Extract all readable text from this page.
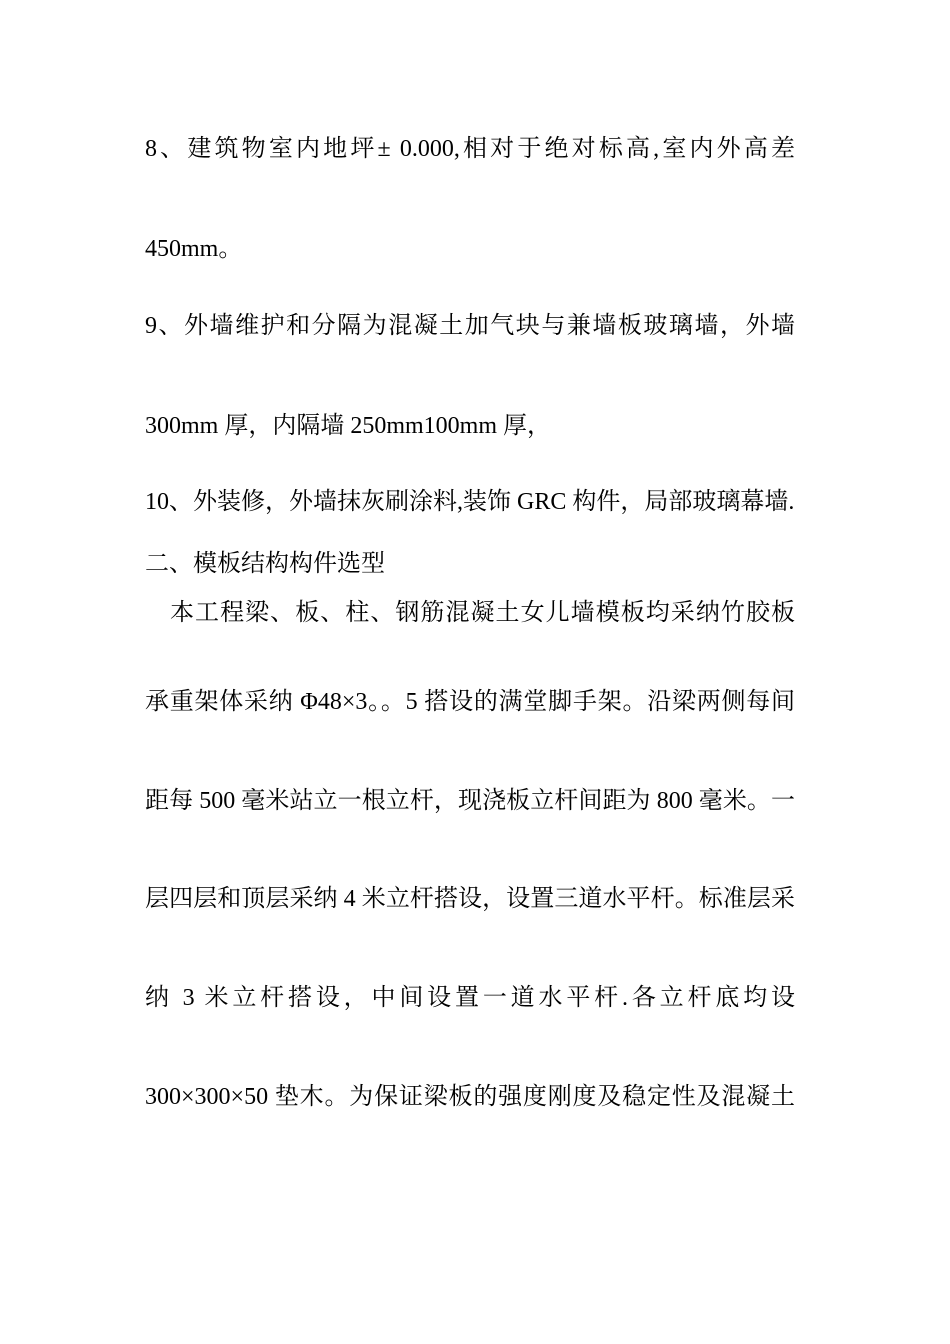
8、建筑物室内地坪± 0.000,相对于绝对标高,室内外高差
450mm。
9、外墙维护和分隔为混凝土加气块与兼墙板玻璃墙，外墙
300mm 厚，内隔墙 250mm100mm 厚，
10、外装修，外墙抹灰刷涂料,装饰 GRC 构件，局部玻璃幕墙.
二、模板结构构件选型
本工程梁、板、柱、钢筋混凝土女儿墙模板均采纳竹胶板
承重架体采纳 Φ48×3。。5 搭设的满堂脚手架。沿梁两侧每间
距每 500 毫米站立一根立杆，现浇板立杆间距为 800 毫米。一
层四层和顶层采纳 4 米立杆搭设，设置三道水平杆。标准层采
纳 3 米立杆搭设，中间设置一道水平杆.各立杆底均设
300×300×50 垫木。为保证梁板的强度刚度及稳定性及混凝土
